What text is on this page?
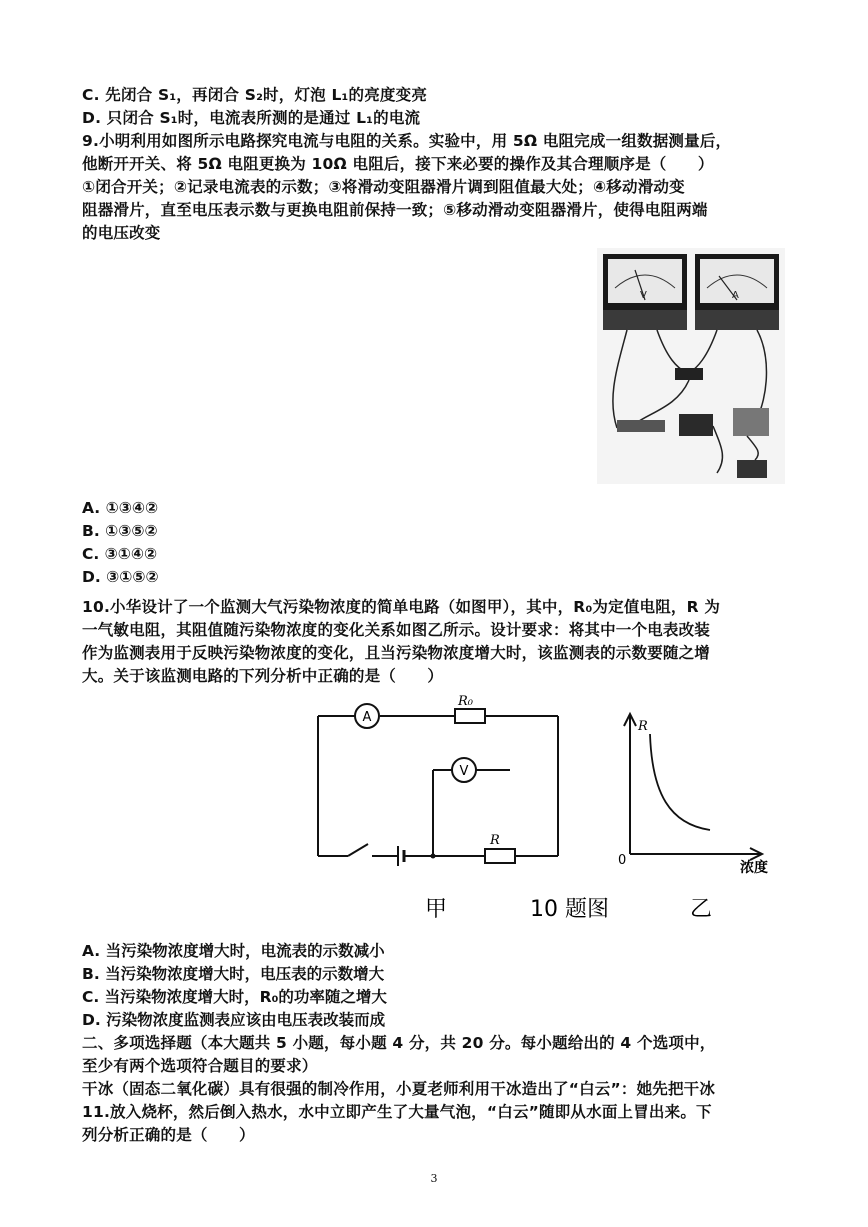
C. 先闭合 S₁，再闭合 S₂时，灯泡 L₁的亮度变亮
D. 只闭合 S₁时，电流表所测的是通过 L₁的电流
9.小明利用如图所示电路探究电流与电阻的关系。实验中，用 5Ω 电阻完成一组数据测量后，
他断开开关、将 5Ω 电阻更换为 10Ω 电阻后，接下来必要的操作及其合理顺序是（　　）
①闭合开关；②记录电流表的示数；③将滑动变阻器滑片调到阻值最大处；④移动滑动变
阻器滑片，直至电压表示数与更换电阻前保持一致；⑤移动滑动变阻器滑片，使得电阻两端
的电压改变
V	A
A. ①③④②
B. ①③⑤②
C. ③①④②
D. ③①⑤②
10.小华设计了一个监测大气污染物浓度的简单电路（如图甲），其中，R₀为定值电阻，R 为
一气敏电阻，其阻值随污染物浓度的变化关系如图乙所示。设计要求：将其中一个电表改装
作为监测表用于反映污染物浓度的变化，且当污染物浓度增大时，该监测表的示数要随之增
大。关于该监测电路的下列分析中正确的是（　　）
A
R₀
V
R
R
0	浓度
甲	10 题图	乙
A. 当污染物浓度增大时，电流表的示数减小
B. 当污染物浓度增大时，电压表的示数增大
C. 当污染物浓度增大时，R₀的功率随之增大
D. 污染物浓度监测表应该由电压表改装而成
二、多项选择题（本大题共 5 小题，每小题 4 分，共 20 分。每小题给出的 4 个选项中，
至少有两个选项符合题目的要求）
干冰（固态二氧化碳）具有很强的制冷作用，小夏老师利用干冰造出了“白云”：她先把干冰
11.放入烧杯，然后倒入热水，水中立即产生了大量气泡，“白云”随即从水面上冒出来。下
列分析正确的是（　　）
3
